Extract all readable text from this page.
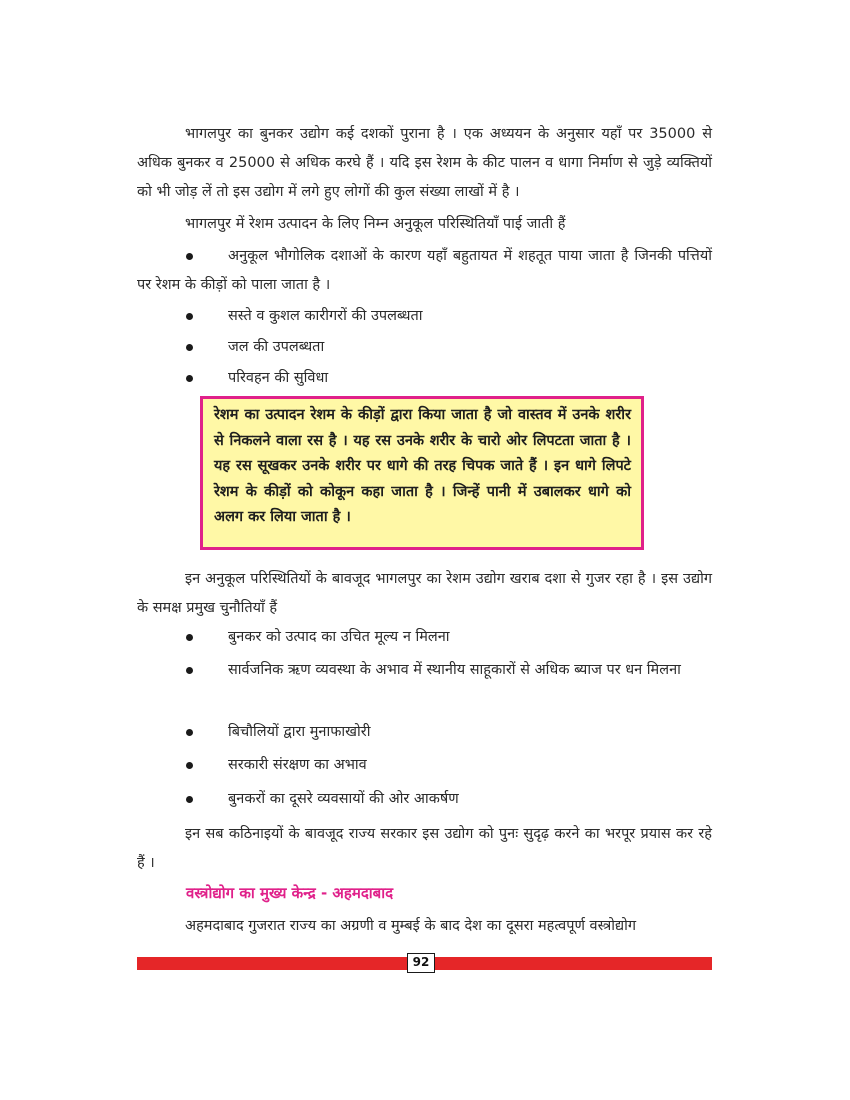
भागलपुर का बुनकर उद्योग कई दशकों पुराना है । एक अध्ययन के अनुसार यहाँ पर 35000 से अधिक बुनकर व 25000 से अधिक करघे हैं । यदि इस रेशम के कीट पालन व धागा निर्माण से जुड़े व्यक्तियों को भी जोड़ लें तो इस उद्योग में लगे हुए लोगों की कुल संख्या लाखों में है ।

भागलपुर में रेशम उत्पादन के लिए निम्न अनुकूल परिस्थितियाँ पाई जाती हैं

अनुकूल भौगोलिक दशाओं के कारण यहाँ बहुतायत में शहतूत पाया जाता है जिनकी पत्तियों पर रेशम के कीड़ों को पाला जाता है ।
सस्ते व कुशल कारीगरों की उपलब्धता
जल की उपलब्धता
परिवहन की सुविधा

रेशम का उत्पादन रेशम के कीड़ों द्वारा किया जाता है जो वास्तव में उनके शरीर से निकलने वाला रस है । यह रस उनके शरीर के चारो ओर लिपटता जाता है । यह रस सूखकर उनके शरीर पर धागे की तरह चिपक जाते हैं । इन धागे लिपटे रेशम के कीड़ों को कोकून कहा जाता है । जिन्हें पानी में उबालकर धागे को अलग कर लिया जाता है ।

इन अनुकूल परिस्थितियों के बावजूद भागलपुर का रेशम उद्योग खराब दशा से गुजर रहा है । इस उद्योग के समक्ष प्रमुख चुनौतियाँ हैं

बुनकर को उत्पाद का उचित मूल्य न मिलना
सार्वजनिक ऋण व्यवस्था के अभाव में स्थानीय साहूकारों से अधिक ब्याज पर धन मिलना
बिचौलियों द्वारा मुनाफाखोरी
सरकारी संरक्षण का अभाव
बुनकरों का दूसरे व्यवसायों की ओर आकर्षण

इन सब कठिनाइयों के बावजूद राज्य सरकार इस उद्योग को पुनः सुदृढ़ करने का भरपूर प्रयास कर रहे हैं ।

वस्त्रोद्योग का मुख्य केन्द्र - अहमदाबाद

अहमदाबाद गुजरात राज्य का अग्रणी व मुम्बई के बाद देश का दूसरा महत्वपूर्ण वस्त्रोद्योग

92
